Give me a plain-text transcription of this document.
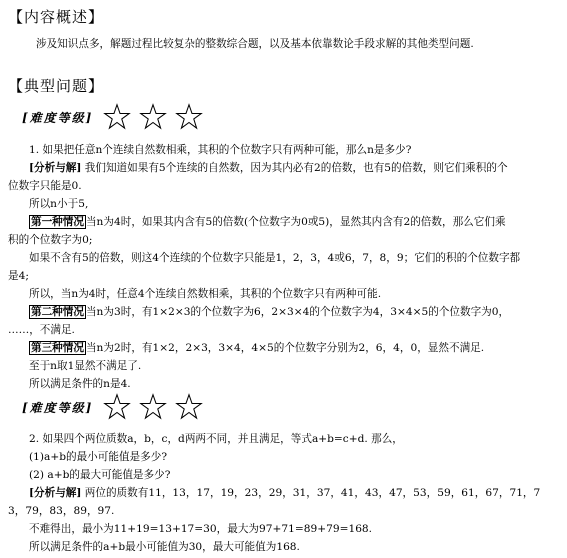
【内容概述】
涉及知识点多，解题过程比较复杂的整数综合题，以及基本依靠数论手段求解的其他类型问题.
【典型问题】
[难度等级]
1. 如果把任意n个连续自然数相乘，其积的个位数字只有两种可能，那么n是多少?
[分析与解] 我们知道如果有5个连续的自然数，因为其内必有2的倍数，也有5的倍数，则它们乘积的个
位数字只能是0.
所以n小于5,
第一种情况 当n为4时，如果其内含有5的倍数(个位数字为0或5)，显然其内含有2的倍数，那么它们乘
积的个位数字为0;
如果不含有5的倍数，则这4个连续的个位数字只能是1，2，3，4或6，7，8，9；它们的积的个位数字都
是4;
所以，当n为4时，任意4个连续自然数相乘，其积的个位数字只有两种可能.
第二种情况 当n为3时，有1×2×3的个位数字为6，2×3×4的个位数字为4，3×4×5的个位数字为0，
……，不满足.
第三种情况 当n为2时，有1×2，2×3，3×4，4×5的个位数字分别为2，6，4，0，显然不满足.
至于n取1显然不满足了.
所以满足条件的n是4.
[难度等级]
2. 如果四个两位质数a，b，c，d两两不同，并且满足，等式a+b=c+d. 那么，
(1)a+b的最小可能值是多少?
(2) a+b的最大可能值是多少?
[分析与解] 两位的质数有11，13，17，19，23，29，31，37，41，43，47，53，59，61，67，71，7
3，79，83，89，97.
不难得出，最小为11+19=13+17=30，最大为97+71=89+79=168.
所以满足条件的a+b最小可能值为30，最大可能值为168.
